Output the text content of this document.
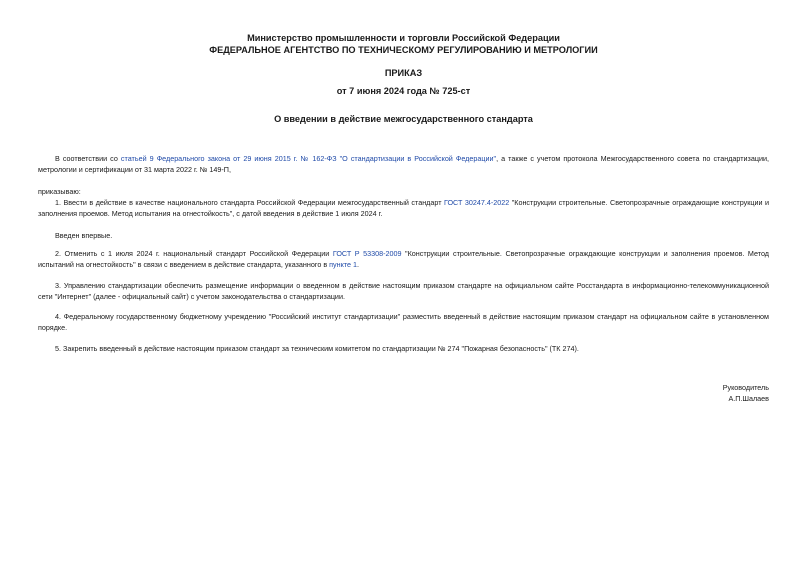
Министерство промышленности и торговли Российской Федерации
ФЕДЕРАЛЬНОЕ АГЕНТСТВО ПО ТЕХНИЧЕСКОМУ РЕГУЛИРОВАНИЮ И МЕТРОЛОГИИ
ПРИКАЗ
от 7 июня 2024 года № 725-ст
О введении в действие межгосударственного стандарта
В соответствии со статьей 9 Федерального закона от 29 июня 2015 г. № 162-ФЗ "О стандартизации в Российской Федерации", а также с учетом протокола Межгосударственного совета по стандартизации, метрологии и сертификации от 31 марта 2022 г. № 149-П,
приказываю:
1. Ввести в действие в качестве национального стандарта Российской Федерации межгосударственный стандарт ГОСТ 30247.4-2022 "Конструкции строительные. Светопрозрачные ограждающие конструкции и заполнения проемов. Метод испытания на огнестойкость", с датой введения в действие 1 июля 2024 г.
Введен впервые.
2. Отменить с 1 июля 2024 г. национальный стандарт Российской Федерации ГОСТ Р 53308-2009 "Конструкции строительные. Светопрозрачные ограждающие конструкции и заполнения проемов. Метод испытаний на огнестойкость" в связи с введением в действие стандарта, указанного в пункте 1.
3. Управлению стандартизации обеспечить размещение информации о введенном в действие настоящим приказом стандарте на официальном сайте Росстандарта в информационно-телекоммуникационной сети "Интернет" (далее - официальный сайт) с учетом законодательства о стандартизации.
4. Федеральному государственному бюджетному учреждению "Российский институт стандартизации" разместить введенный в действие настоящим приказом стандарт на официальном сайте в установленном порядке.
5. Закрепить введенный в действие настоящим приказом стандарт за техническим комитетом по стандартизации № 274 "Пожарная безопасность" (ТК 274).
Руководитель
А.П.Шалаев
